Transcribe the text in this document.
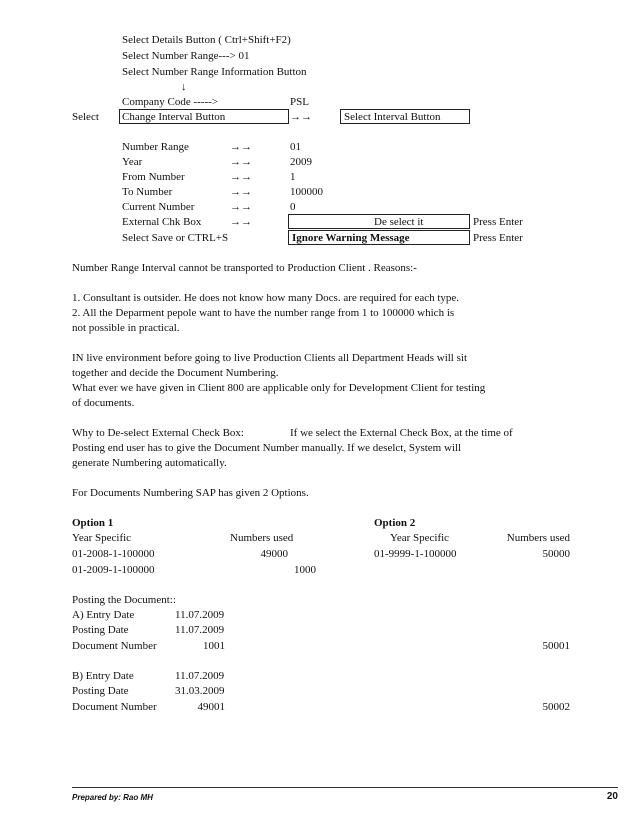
Select Details Button ( Ctrl+Shift+F2)
Select Number Range---> 01
Select Number Range Information Button
↓
Company Code ----->	PSL
Select Change Interval Button	→→	Select Interval Button
Number Range	→→	01
Year	→→	2009
From Number	→→	1
To Number	→→	100000
Current Number	→→	0
External Chk Box	→→	De select it	Press Enter
Select Save or CTRL+S	Ignore Warning Message	Press Enter
Number Range Interval cannot be transported to Production Client . Reasons:-
1. Consultant is outsider. He does not know how many Docs. are required for each type.
2. All the Deparment pepole want to have the number range from 1 to 100000 which is
not possible in practical.
IN live environment before going to live Production Clients all Department Heads will sit
together and decide the Document Numbering.
What ever we have given in Client 800 are applicable only for Development Client for testing
of documents.
Why to De-select External Check Box:	If we select the External Check Box, at the time of
Posting end user has to give the Document Number manually. If we deselct, System will
generate Numbering automatically.
For Documents Numbering SAP has given 2 Options.
Option 1
Year Specific	Numbers used
01-2008-1-100000	49000
01-2009-1-100000	1000
Option 2
Year Specific	Numbers used
01-9999-1-100000	50000
Posting the Document::
A) Entry Date	11.07.2009
Posting Date	11.07.2009
Document Number	1001	50001
B) Entry Date	11.07.2009
Posting Date	31.03.2009
Document Number	49001	50002
Prepared by: Rao MH	20
